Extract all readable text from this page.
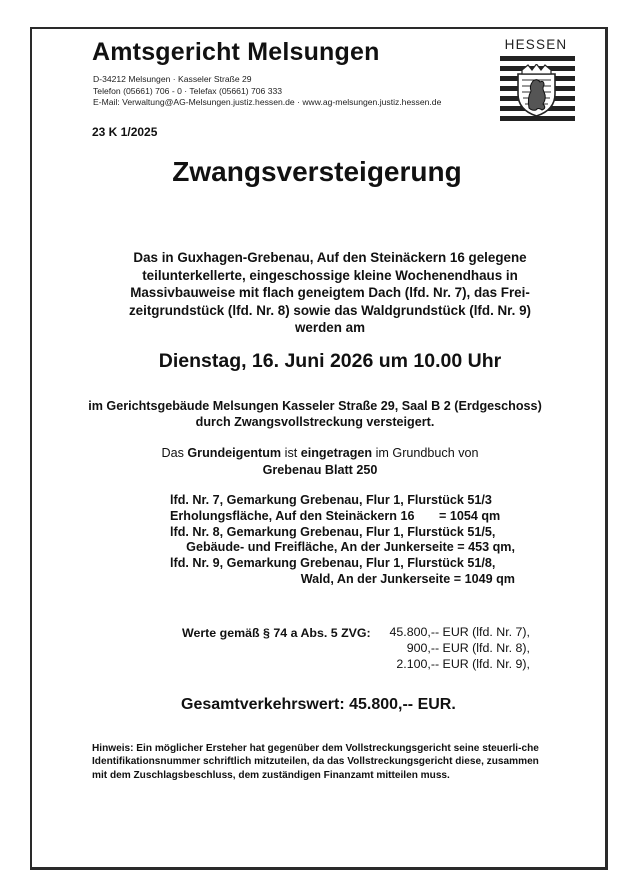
Amtsgericht Melsungen
D-34212 Melsungen · Kasseler Straße 29
Telefon (05661) 706 - 0 · Telefax (05661) 706 333
E-Mail: Verwaltung@AG-Melsungen.justiz.hessen.de · www.ag-melsungen.justiz.hessen.de
HESSEN
23 K 1/2025
Zwangsversteigerung
Das in Guxhagen-Grebenau, Auf den Steinäckern 16 gelegene
teilunterkellerte, eingeschossige kleine Wochenendhaus in
Massivbauweise mit flach geneigtem Dach (lfd. Nr. 7), das Frei-
zeitgrundstück (lfd. Nr. 8) sowie das Waldgrundstück (lfd. Nr. 9)
werden am
Dienstag, 16. Juni 2026 um 10.00 Uhr
im Gerichtsgebäude Melsungen Kasseler Straße 29, Saal B 2 (Erdgeschoss)
durch Zwangsvollstreckung versteigert.
Das Grundeigentum ist eingetragen im Grundbuch von
Grebenau Blatt 250
lfd. Nr. 7, Gemarkung Grebenau, Flur 1, Flurstück 51/3
Erholungsfläche, Auf den Steinäckern 16 = 1054 qm
lfd. Nr. 8, Gemarkung Grebenau, Flur 1, Flurstück 51/5,
Gebäude- und Freifläche, An der Junkerseite = 453 qm,
lfd. Nr. 9, Gemarkung Grebenau, Flur 1, Flurstück 51/8,
Wald, An der Junkerseite = 1049 qm
Werte gemäß § 74 a Abs. 5 ZVG:	45.800,-- EUR (lfd. Nr. 7),
900,-- EUR (lfd. Nr. 8),
2.100,-- EUR (lfd. Nr. 9),
Gesamtverkehrswert: 45.800,-- EUR.
Hinweis: Ein möglicher Ersteher hat gegenüber dem Vollstreckungsgericht seine steuerli-che Identifikationsnummer schriftlich mitzuteilen, da das Vollstreckungsgericht diese, zusammen mit dem Zuschlagsbeschluss, dem zuständigen Finanzamt mitteilen muss.
